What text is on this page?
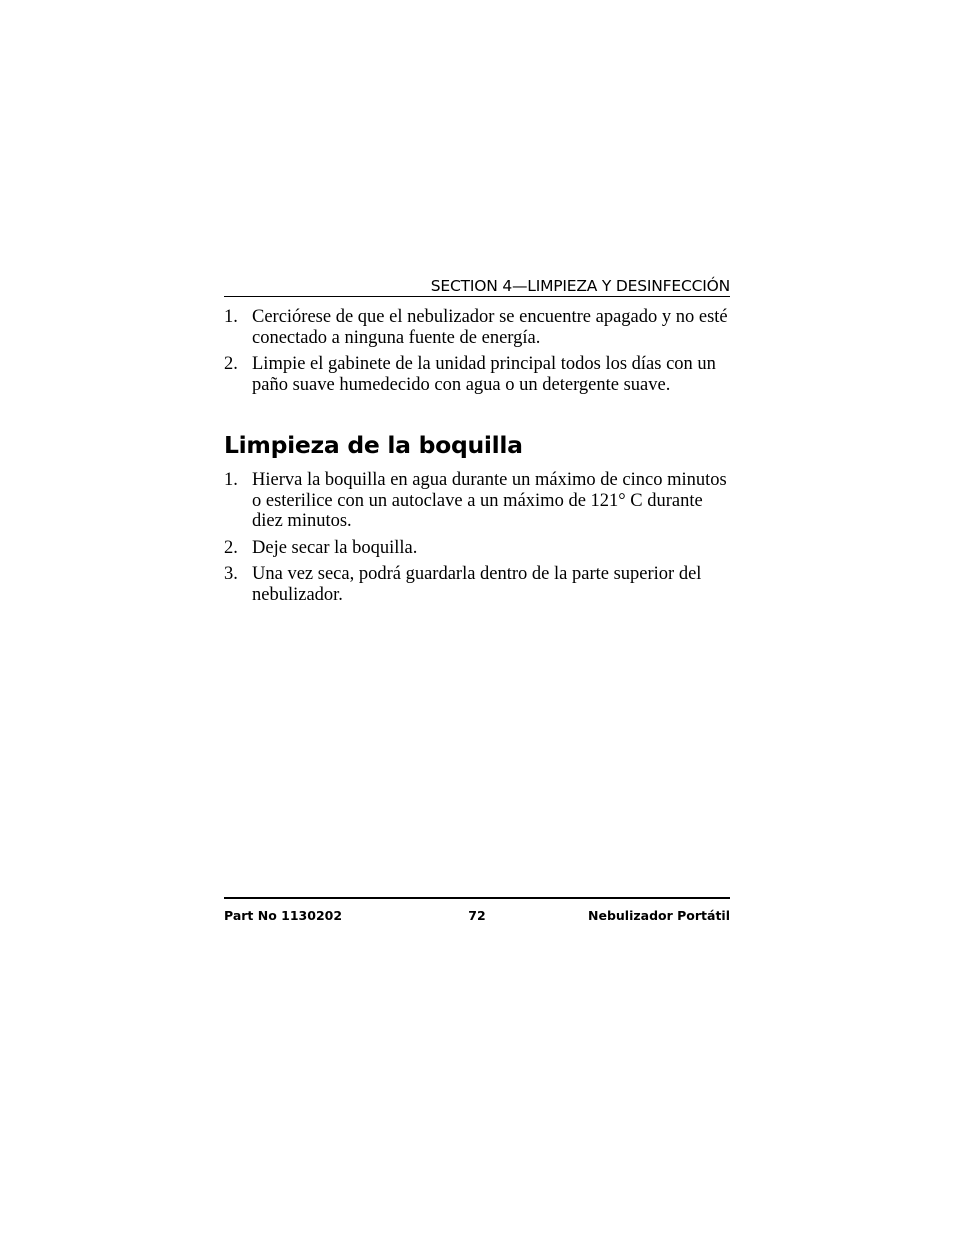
SECTION 4—LIMPIEZA Y DESINFECCIÓN
1. Cerciórese de que el nebulizador se encuentre apagado y no esté conectado a ninguna fuente de energía.
2. Limpie el gabinete de la unidad principal todos los días con un paño suave humedecido con agua o un detergente suave.
Limpieza de la boquilla
1. Hierva la boquilla en agua durante un máximo de cinco minutos o esterilice con un autoclave a un máximo de 121° C durante diez minutos.
2. Deje secar la boquilla.
3. Una vez seca, podrá guardarla dentro de la parte superior del nebulizador.
Part No 1130202	72	Nebulizador Portátil
